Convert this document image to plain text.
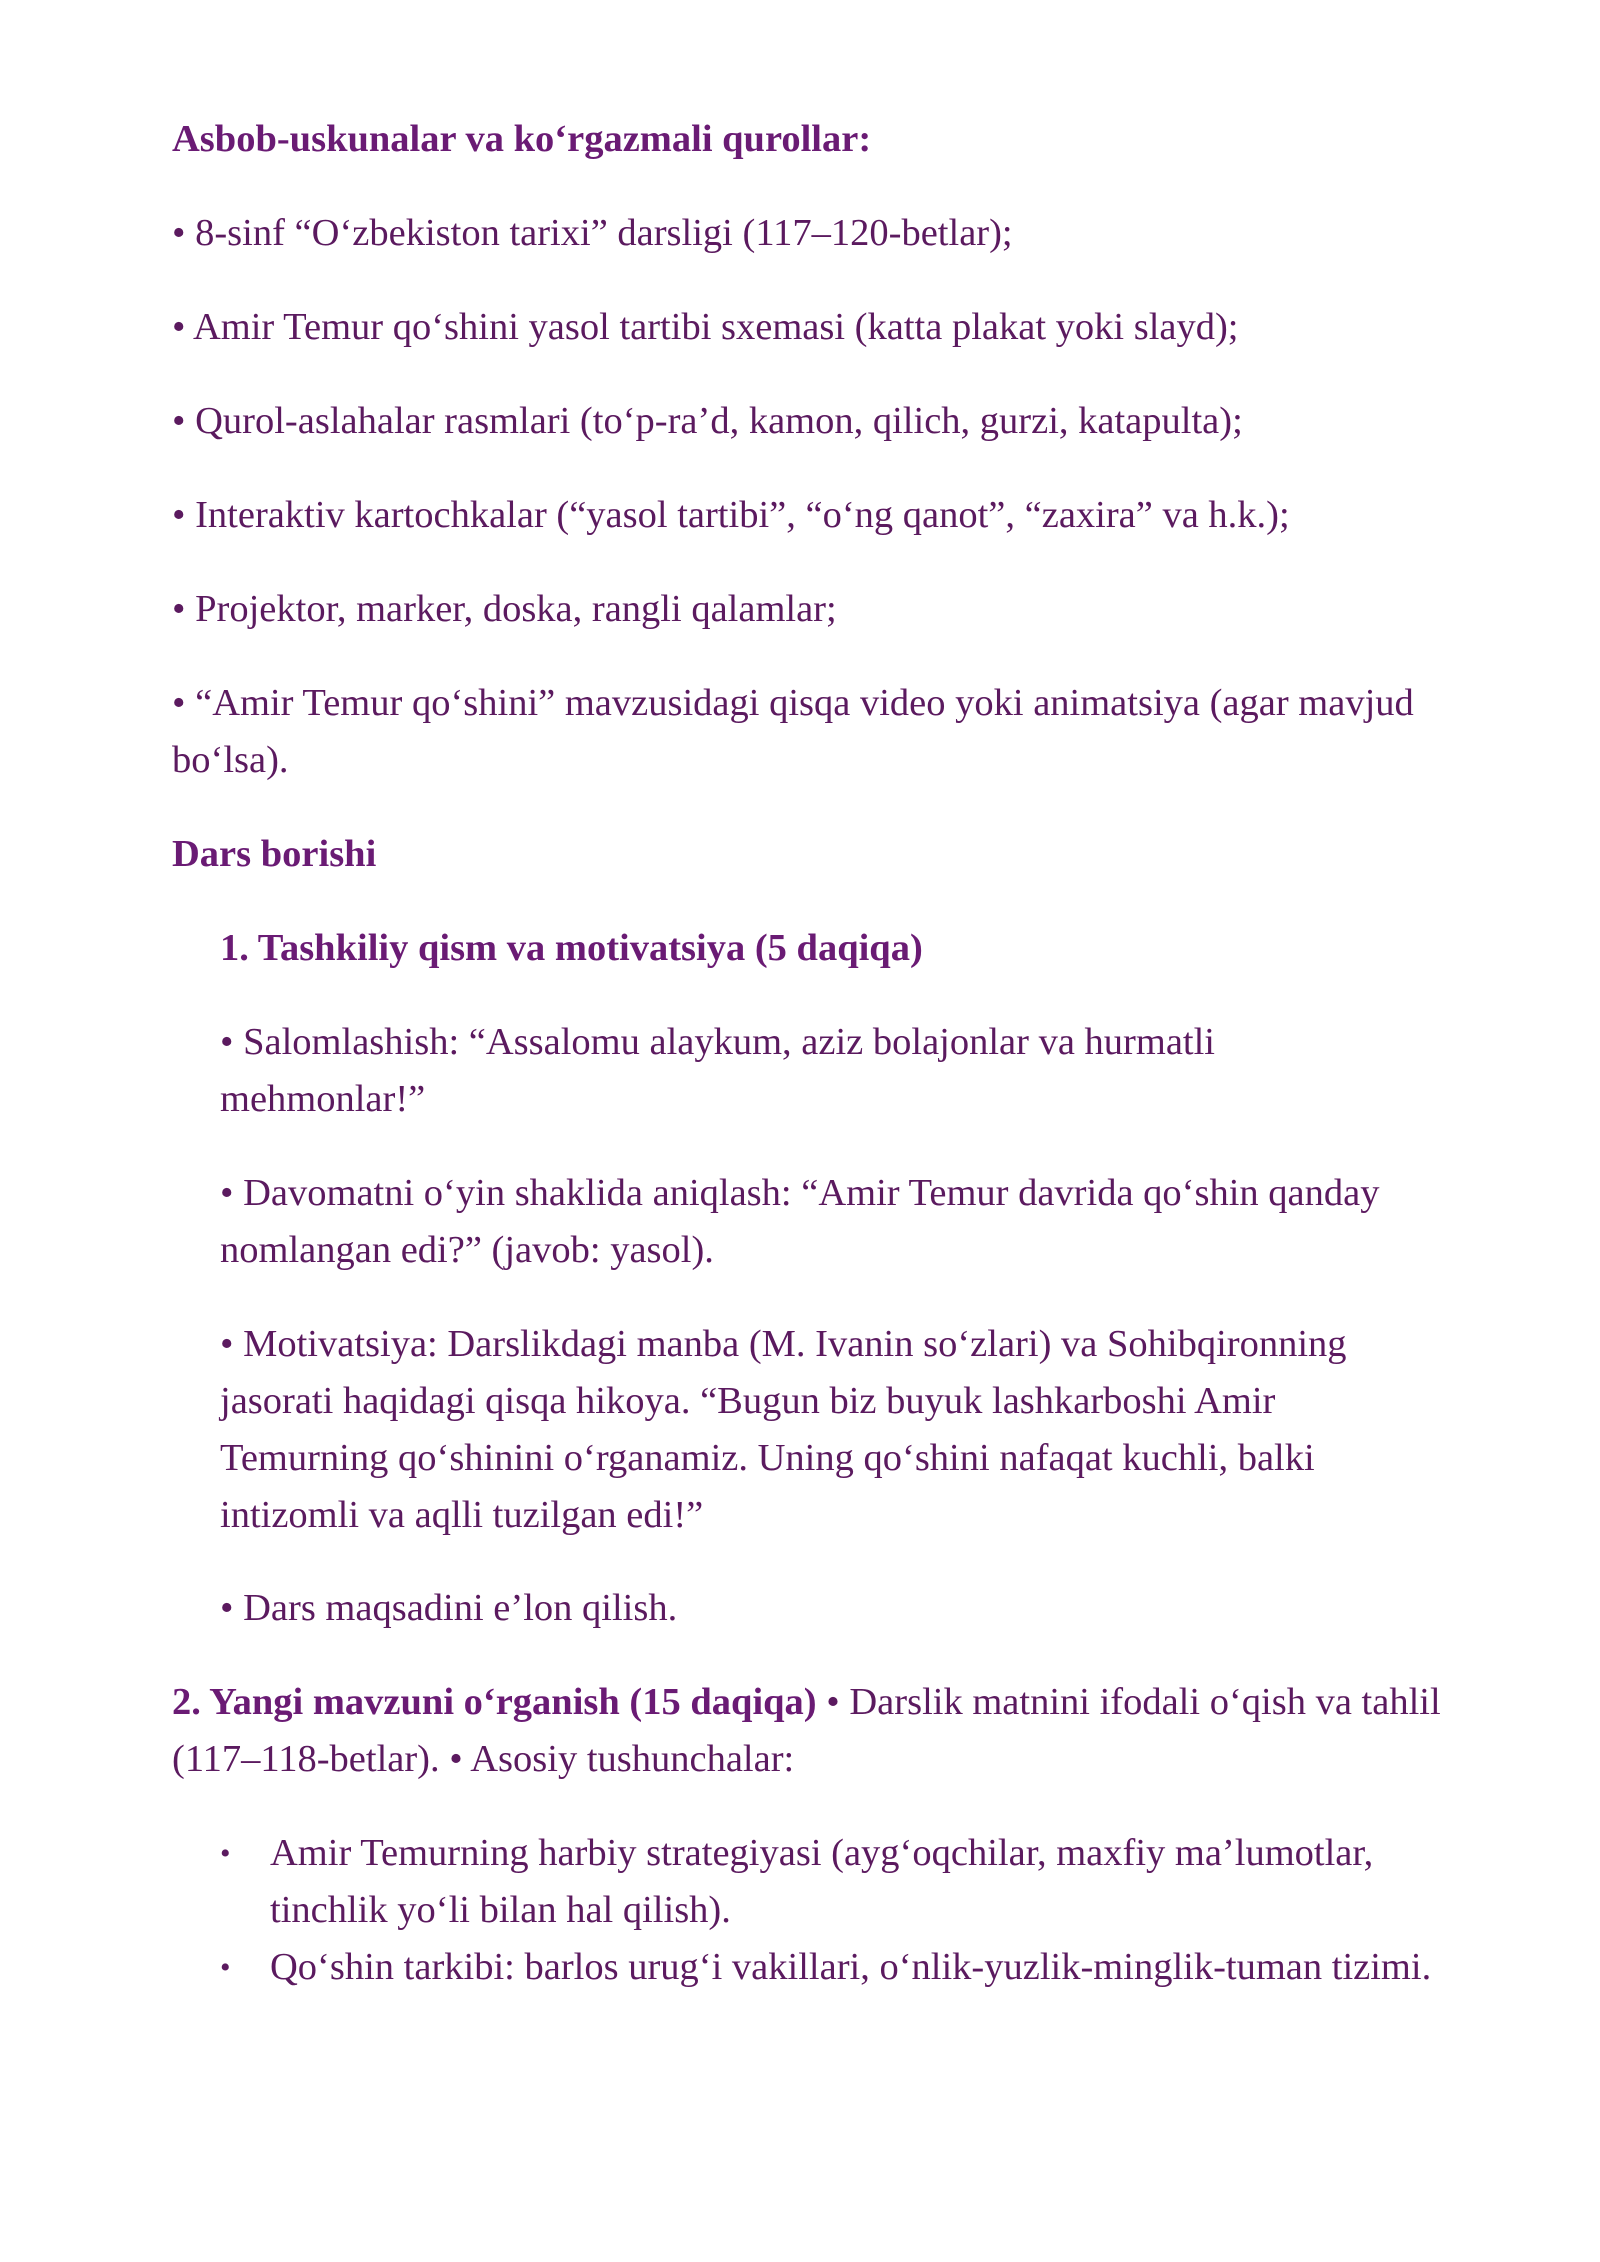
Asbob-uskunalar va ko‘rgazmali qurollar:

• 8-sinf “O‘zbekiston tarixi” darsligi (117–120-betlar);

• Amir Temur qo‘shini yasol tartibi sxemasi (katta plakat yoki slayd);

• Qurol-aslahalar rasmlari (to‘p-ra’d, kamon, qilich, gurzi, katapulta);

• Interaktiv kartochkalar (“yasol tartibi”, “o‘ng qanot”, “zaxira” va h.k.);

• Projektor, marker, doska, rangli qalamlar;

• “Amir Temur qo‘shini” mavzusidagi qisqa video yoki animatsiya (agar mavjud bo‘lsa).

Dars borishi

1. Tashkiliy qism va motivatsiya (5 daqiqa)

• Salomlashish: “Assalomu alaykum, aziz bolajonlar va hurmatli mehmonlar!”

• Davomatni o‘yin shaklida aniqlash: “Amir Temur davrida qo‘shin qanday nomlangan edi?” (javob: yasol).

• Motivatsiya: Darslikdagi manba (M. Ivanin so‘zlari) va Sohibqironning jasorati haqidagi qisqa hikoya. “Bugun biz buyuk lashkarboshi Amir Temurning qo‘shinini o‘rganamiz. Uning qo‘shini nafaqat kuchli, balki intizomli va aqlli tuzilgan edi!”

• Dars maqsadini e’lon qilish.

2. Yangi mavzuni o‘rganish (15 daqiqa) • Darslik matnini ifodali o‘qish va tahlil (117–118-betlar). • Asosiy tushunchalar:

• Amir Temurning harbiy strategiyasi (ayg‘oqchilar, maxfiy ma’lumotlar, tinchlik yo‘li bilan hal qilish).
• Qo‘shin tarkibi: barlos urug‘i vakillari, o‘nlik-yuzlik-minglik-tuman tizimi.
